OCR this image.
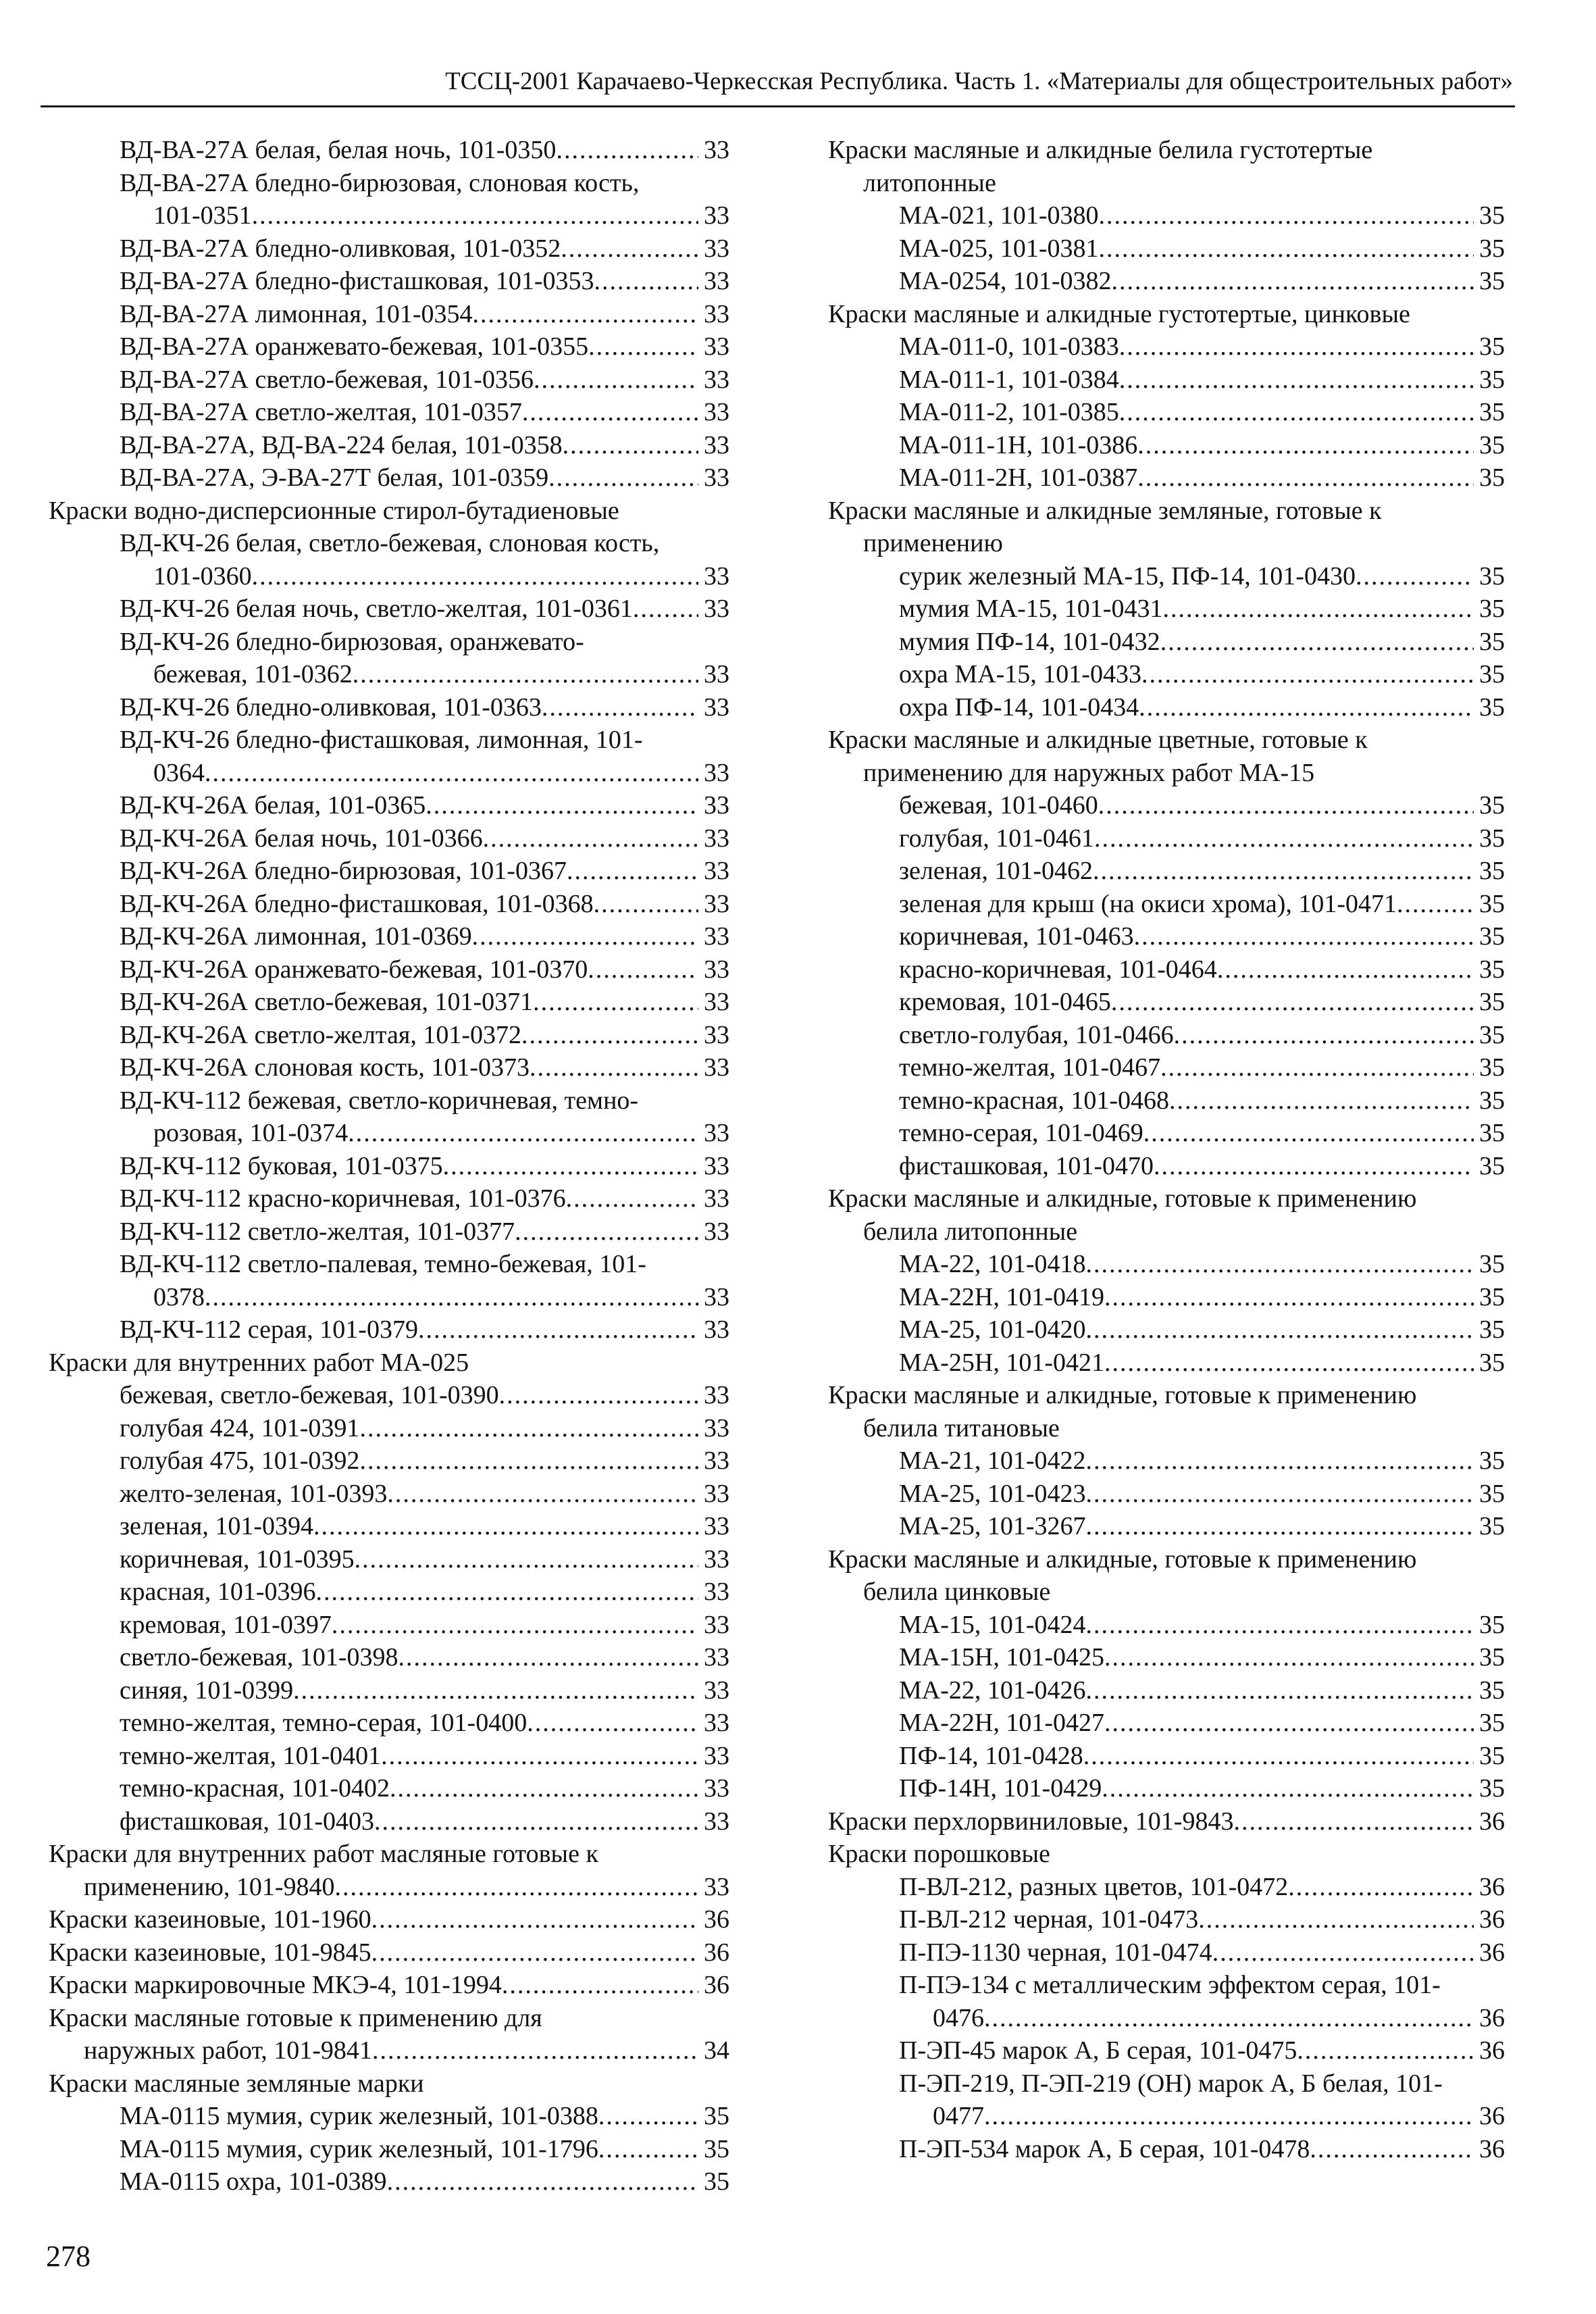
ТССЦ-2001 Карачаево-Черкесская Республика. Часть 1. «Материалы для общестроительных работ»
ВД-ВА-27А белая, белая ночь, 101-0350 .....	33
ВД-ВА-27А бледно-бирюзовая, слоновая кость,
101-0351 .....	33
ВД-ВА-27А бледно-оливковая, 101-0352 .....	33
ВД-ВА-27А бледно-фисташковая, 101-0353 .....	33
ВД-ВА-27А лимонная, 101-0354 .....	33
ВД-ВА-27А оранжевато-бежевая, 101-0355 .....	33
ВД-ВА-27А светло-бежевая, 101-0356 .....	33
ВД-ВА-27А светло-желтая, 101-0357 .....	33
ВД-ВА-27А, ВД-ВА-224 белая, 101-0358 .....	33
ВД-ВА-27А, Э-ВА-27Т белая, 101-0359 .....	33
Краски водно-дисперсионные стирол-бутадиеновые
ВД-КЧ-26 белая, светло-бежевая, слоновая кость,
101-0360 .....	33
ВД-КЧ-26 белая ночь, светло-желтая, 101-0361 .....	33
ВД-КЧ-26 бледно-бирюзовая, оранжевато-
бежевая, 101-0362 .....	33
ВД-КЧ-26 бледно-оливковая, 101-0363 .....	33
ВД-КЧ-26 бледно-фисташковая, лимонная, 101-
0364 .....	33
ВД-КЧ-26А белая, 101-0365 .....	33
ВД-КЧ-26А белая ночь, 101-0366 .....	33
ВД-КЧ-26А бледно-бирюзовая, 101-0367 .....	33
ВД-КЧ-26А бледно-фисташковая, 101-0368 .....	33
ВД-КЧ-26А лимонная, 101-0369 .....	33
ВД-КЧ-26А оранжевато-бежевая, 101-0370 .....	33
ВД-КЧ-26А светло-бежевая, 101-0371 .....	33
ВД-КЧ-26А светло-желтая, 101-0372 .....	33
ВД-КЧ-26А слоновая кость, 101-0373 .....	33
ВД-КЧ-112 бежевая, светло-коричневая, темно-
розовая, 101-0374 .....	33
ВД-КЧ-112 буковая, 101-0375 .....	33
ВД-КЧ-112 красно-коричневая, 101-0376 .....	33
ВД-КЧ-112 светло-желтая, 101-0377 .....	33
ВД-КЧ-112 светло-палевая, темно-бежевая, 101-
0378 .....	33
ВД-КЧ-112 серая, 101-0379 .....	33
Краски для внутренних работ МА-025
бежевая, светло-бежевая, 101-0390 .....	33
голубая 424, 101-0391 .....	33
голубая 475, 101-0392 .....	33
желто-зеленая, 101-0393 .....	33
зеленая, 101-0394 .....	33
коричневая, 101-0395 .....	33
красная, 101-0396 .....	33
кремовая, 101-0397 .....	33
светло-бежевая, 101-0398 .....	33
синяя, 101-0399 .....	33
темно-желтая, темно-серая, 101-0400 .....	33
темно-желтая, 101-0401 .....	33
темно-красная, 101-0402 .....	33
фисташковая, 101-0403 .....	33
Краски для внутренних работ масляные готовые к
применению, 101-9840 .....	33
Краски казеиновые, 101-1960 .....	36
Краски казеиновые, 101-9845 .....	36
Краски маркировочные МКЭ-4, 101-1994 .....	36
Краски масляные готовые к применению для
наружных работ, 101-9841 .....	34
Краски масляные земляные марки
МА-0115 мумия, сурик железный, 101-0388 .....	35
МА-0115 мумия, сурик железный, 101-1796 .....	35
МА-0115 охра, 101-0389 .....	35
Краски масляные и алкидные белила густотертые
литопонные
МА-021, 101-0380 .....	35
МА-025, 101-0381 .....	35
МА-0254, 101-0382 .....	35
Краски масляные и алкидные густотертые, цинковые
МА-011-0, 101-0383 .....	35
МА-011-1, 101-0384 .....	35
МА-011-2, 101-0385 .....	35
МА-011-1Н, 101-0386 .....	35
МА-011-2Н, 101-0387 .....	35
Краски масляные и алкидные земляные, готовые к
применению
сурик железный МА-15, ПФ-14, 101-0430 .....	35
мумия МА-15, 101-0431 .....	35
мумия ПФ-14, 101-0432 .....	35
охра МА-15, 101-0433 .....	35
охра ПФ-14, 101-0434 .....	35
Краски масляные и алкидные цветные, готовые к
применению для наружных работ МА-15
бежевая, 101-0460 .....	35
голубая, 101-0461 .....	35
зеленая, 101-0462 .....	35
зеленая для крыш (на окиси хрома), 101-0471 .....	35
коричневая, 101-0463 .....	35
красно-коричневая, 101-0464 .....	35
кремовая, 101-0465 .....	35
светло-голубая, 101-0466 .....	35
темно-желтая, 101-0467 .....	35
темно-красная, 101-0468 .....	35
темно-серая, 101-0469 .....	35
фисташковая, 101-0470 .....	35
Краски масляные и алкидные, готовые к применению
белила литопонные
МА-22, 101-0418 .....	35
МА-22Н, 101-0419 .....	35
МА-25, 101-0420 .....	35
МА-25Н, 101-0421 .....	35
Краски масляные и алкидные, готовые к применению
белила титановые
МА-21, 101-0422 .....	35
МА-25, 101-0423 .....	35
МА-25, 101-3267 .....	35
Краски масляные и алкидные, готовые к применению
белила цинковые
МА-15, 101-0424 .....	35
МА-15Н, 101-0425 .....	35
МА-22, 101-0426 .....	35
МА-22Н, 101-0427 .....	35
ПФ-14, 101-0428 .....	35
ПФ-14Н, 101-0429 .....	35
Краски перхлорвиниловые, 101-9843 .....	36
Краски порошковые
П-ВЛ-212, разных цветов, 101-0472 .....	36
П-ВЛ-212 черная, 101-0473 .....	36
П-ПЭ-1130 черная, 101-0474 .....	36
П-ПЭ-134 с металлическим эффектом серая, 101-
0476 .....	36
П-ЭП-45 марок А, Б серая, 101-0475 .....	36
П-ЭП-219, П-ЭП-219 (ОН) марок А, Б белая, 101-
0477 .....	36
П-ЭП-534 марок А, Б серая, 101-0478 .....	36
278
